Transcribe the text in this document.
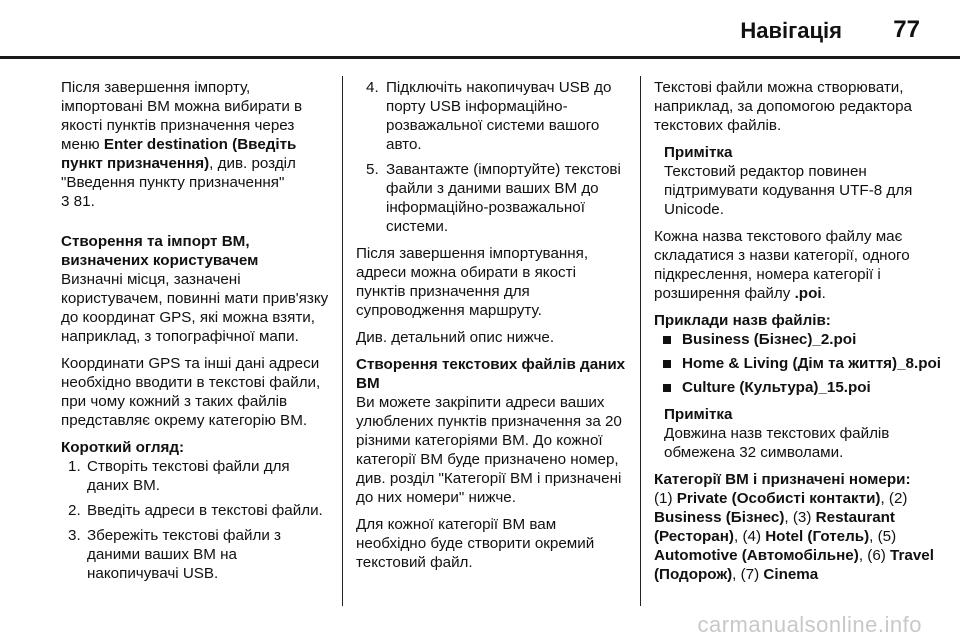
Навігація 77

Після завершення імпорту, імпортовані ВМ можна вибирати в якості пунктів призначення через меню Enter destination (Введіть пункт призначення), див. розділ "Введення пункту призначення"
3 81.

Створення та імпорт ВМ, визначених користувачем

Визначні місця, зазначені користувачем, повинні мати прив'язку до координат GPS, які можна взяти, наприклад, з топографічної мапи.

Координати GPS та інші дані адреси необхідно вводити в текстові файли, при чому кожний з таких файлів представляє окрему категорію ВМ.

Короткий огляд:

1. Створіть текстові файли для даних ВМ.
2. Введіть адреси в текстові файли.
3. Збережіть текстові файли з даними ваших ВМ на накопичувачі USB.
4. Підключіть накопичувач USB до порту USB інформаційно-розважальної системи вашого авто.
5. Завантажте (імпортуйте) текстові файли з даними ваших ВМ до інформаційно-розважальної системи.

Після завершення імпортування, адреси можна обирати в якості пунктів призначення для супроводження маршруту.

Див. детальний опис нижче.

Створення текстових файлів даних ВМ

Ви можете закріпити адреси ваших улюблених пунктів призначення за 20 різними категоріями ВМ. До кожної категорії ВМ буде призначено номер, див. розділ "Категорії ВМ і призначені до них номери" нижче.

Для кожної категорії ВМ вам необхідно буде створити окремий текстовий файл.

Текстові файли можна створювати, наприклад, за допомогою редактора текстових файлів.

Примітка
Текстовий редактор повинен підтримувати кодування UTF-8 для Unicode.

Кожна назва текстового файлу має складатися з назви категорії, одного підкреслення, номера категорії і розширення файлу .poi.

Приклади назв файлів:

Business (Бізнес)_2.poi
Home & Living (Дім та життя)_8.poi
Culture (Культура)_15.poi
Примітка
Довжина назв текстових файлів обмежена 32 символами.

Категорії ВМ і призначені номери:

(1) Private (Особисті контакти), (2) Business (Бізнес), (3) Restaurant (Ресторан), (4) Hotel (Готель), (5) Automotive (Автомобільне), (6) Travel (Подорож), (7) Cinema

carmanualsonline.info
